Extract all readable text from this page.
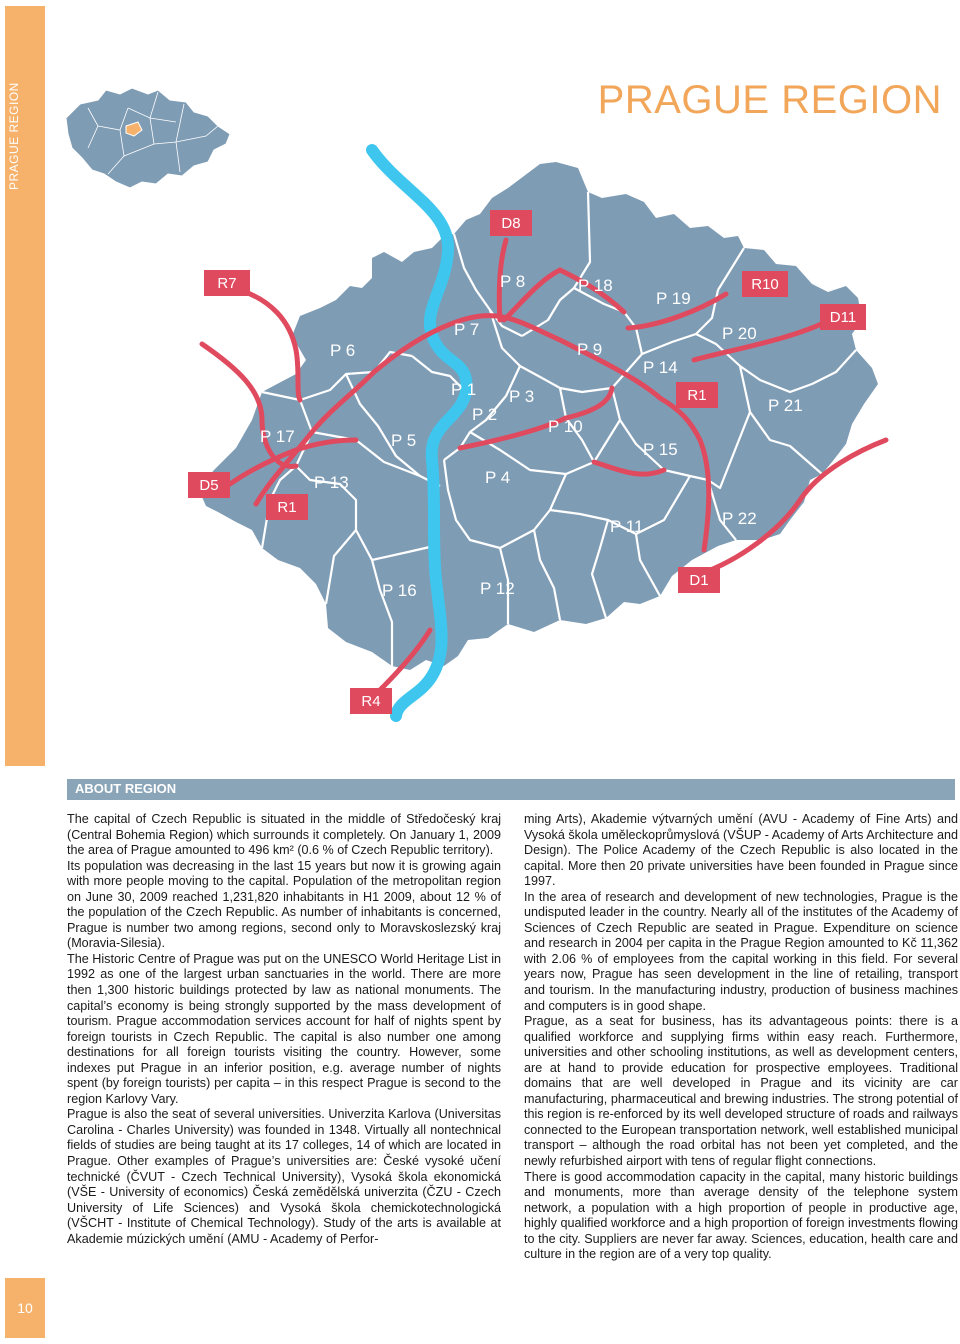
PRAGUE REGION
10
PRAGUE REGION
D8
R7	R10
D11
R1
D5
R1
D1
R4
P 1
P 2
P 3
P 4
P 5
P 6
P 7
P 8
P 9
P 10
P 11
P 12
P 13
P 14
P 15
P 16
P 17
P 18
P 19
P 20
P 21
P 22
ABOUT REGION

The capital of Czech Republic is situated in the middle of Středočeský kraj (Central Bohemia Region) which surrounds it completely. On January 1, 2009 the area of Prague amounted to 496 km² (0.6 % of Czech Republic territory).

Its population was decreasing in the last 15 years but now it is growing again with more people moving to the capital. Population of the metropolitan region on June 30, 2009 reached 1,231,820 inhabitants in H1 2009, about 12 % of the population of the Czech Republic. As number of inhabitants is concerned, Prague is number two among regions, second only to Moravskoslezský kraj (Moravia-Silesia).

The Historic Centre of Prague was put on the UNESCO World Heritage List in 1992 as one of the largest urban sanctuaries in the world. There are more then 1,300 historic buildings protected by law as national monuments. The capital’s economy is being strongly supported by the mass development of tourism. Prague accommodation services account for half of nights spent by foreign tourists in Czech Republic. The capital is also number one among destinations for all foreign tourists visiting the country. However, some indexes put Prague in an inferior position, e.g. average number of nights spent (by foreign tourists) per capita – in this respect Prague is second to the region Karlovy Vary.

Prague is also the seat of several universities. Univerzita Karlova (Universitas Carolina - Charles University) was founded in 1348. Virtually all nontechnical fields of studies are being taught at its 17 colleges, 14 of which are located in Prague. Other examples of Prague’s universities are: České vysoké učení technické (ČVUT - Czech Technical University), Vysoká škola ekonomická (VŠE - University of economics) Česká zemědělská univerzita (ČZU - Czech University of Life Sciences) and Vysoká škola chemickotechnologická (VŠCHT - Institute of Chemical Technology). Study of the arts is available at Akademie múzických umění (AMU - Academy of Perfor-

ming Arts), Akademie výtvarných umění (AVU - Academy of Fine Arts) and Vysoká škola uměleckoprůmyslová (VŠUP - Academy of Arts Architecture and Design). The Police Academy of the Czech Republic is also located in the capital. More then 20 private universities have been founded in Prague since 1997.

In the area of research and development of new technologies, Prague is the undisputed leader in the country. Nearly all of the institutes of the Academy of Sciences of Czech Republic are seated in Prague. Expenditure on science and research in 2004 per capita in the Prague Region amounted to Kč 11,362 with 2.06 % of employees from the capital working in this field. For several years now, Prague has seen development in the line of retailing, transport and tourism. In the manufacturing industry, production of business machines and computers is in good shape.

Prague, as a seat for business, has its advantageous points: there is a qualified workforce and supplying firms within easy reach. Furthermore, universities and other schooling institutions, as well as development centers, are at hand to provide education for prospective employees. Traditional domains that are well developed in Prague and its vicinity are car manufacturing, pharmaceutical and brewing industries. The strong potential of this region is re-enforced by its well developed structure of roads and railways connected to the European transportation network, well established municipal transport – although the road orbital has not been yet completed, and the newly refurbished airport with tens of regular flight connections.

There is good accommodation capacity in the capital, many historic buildings and monuments, more than average density of the telephone system network, a population with a high proportion of people in productive age, highly qualified workforce and a high proportion of foreign investments flowing to the city. Suppliers are never far away. Sciences, education, health care and culture in the region are of a very top quality.
